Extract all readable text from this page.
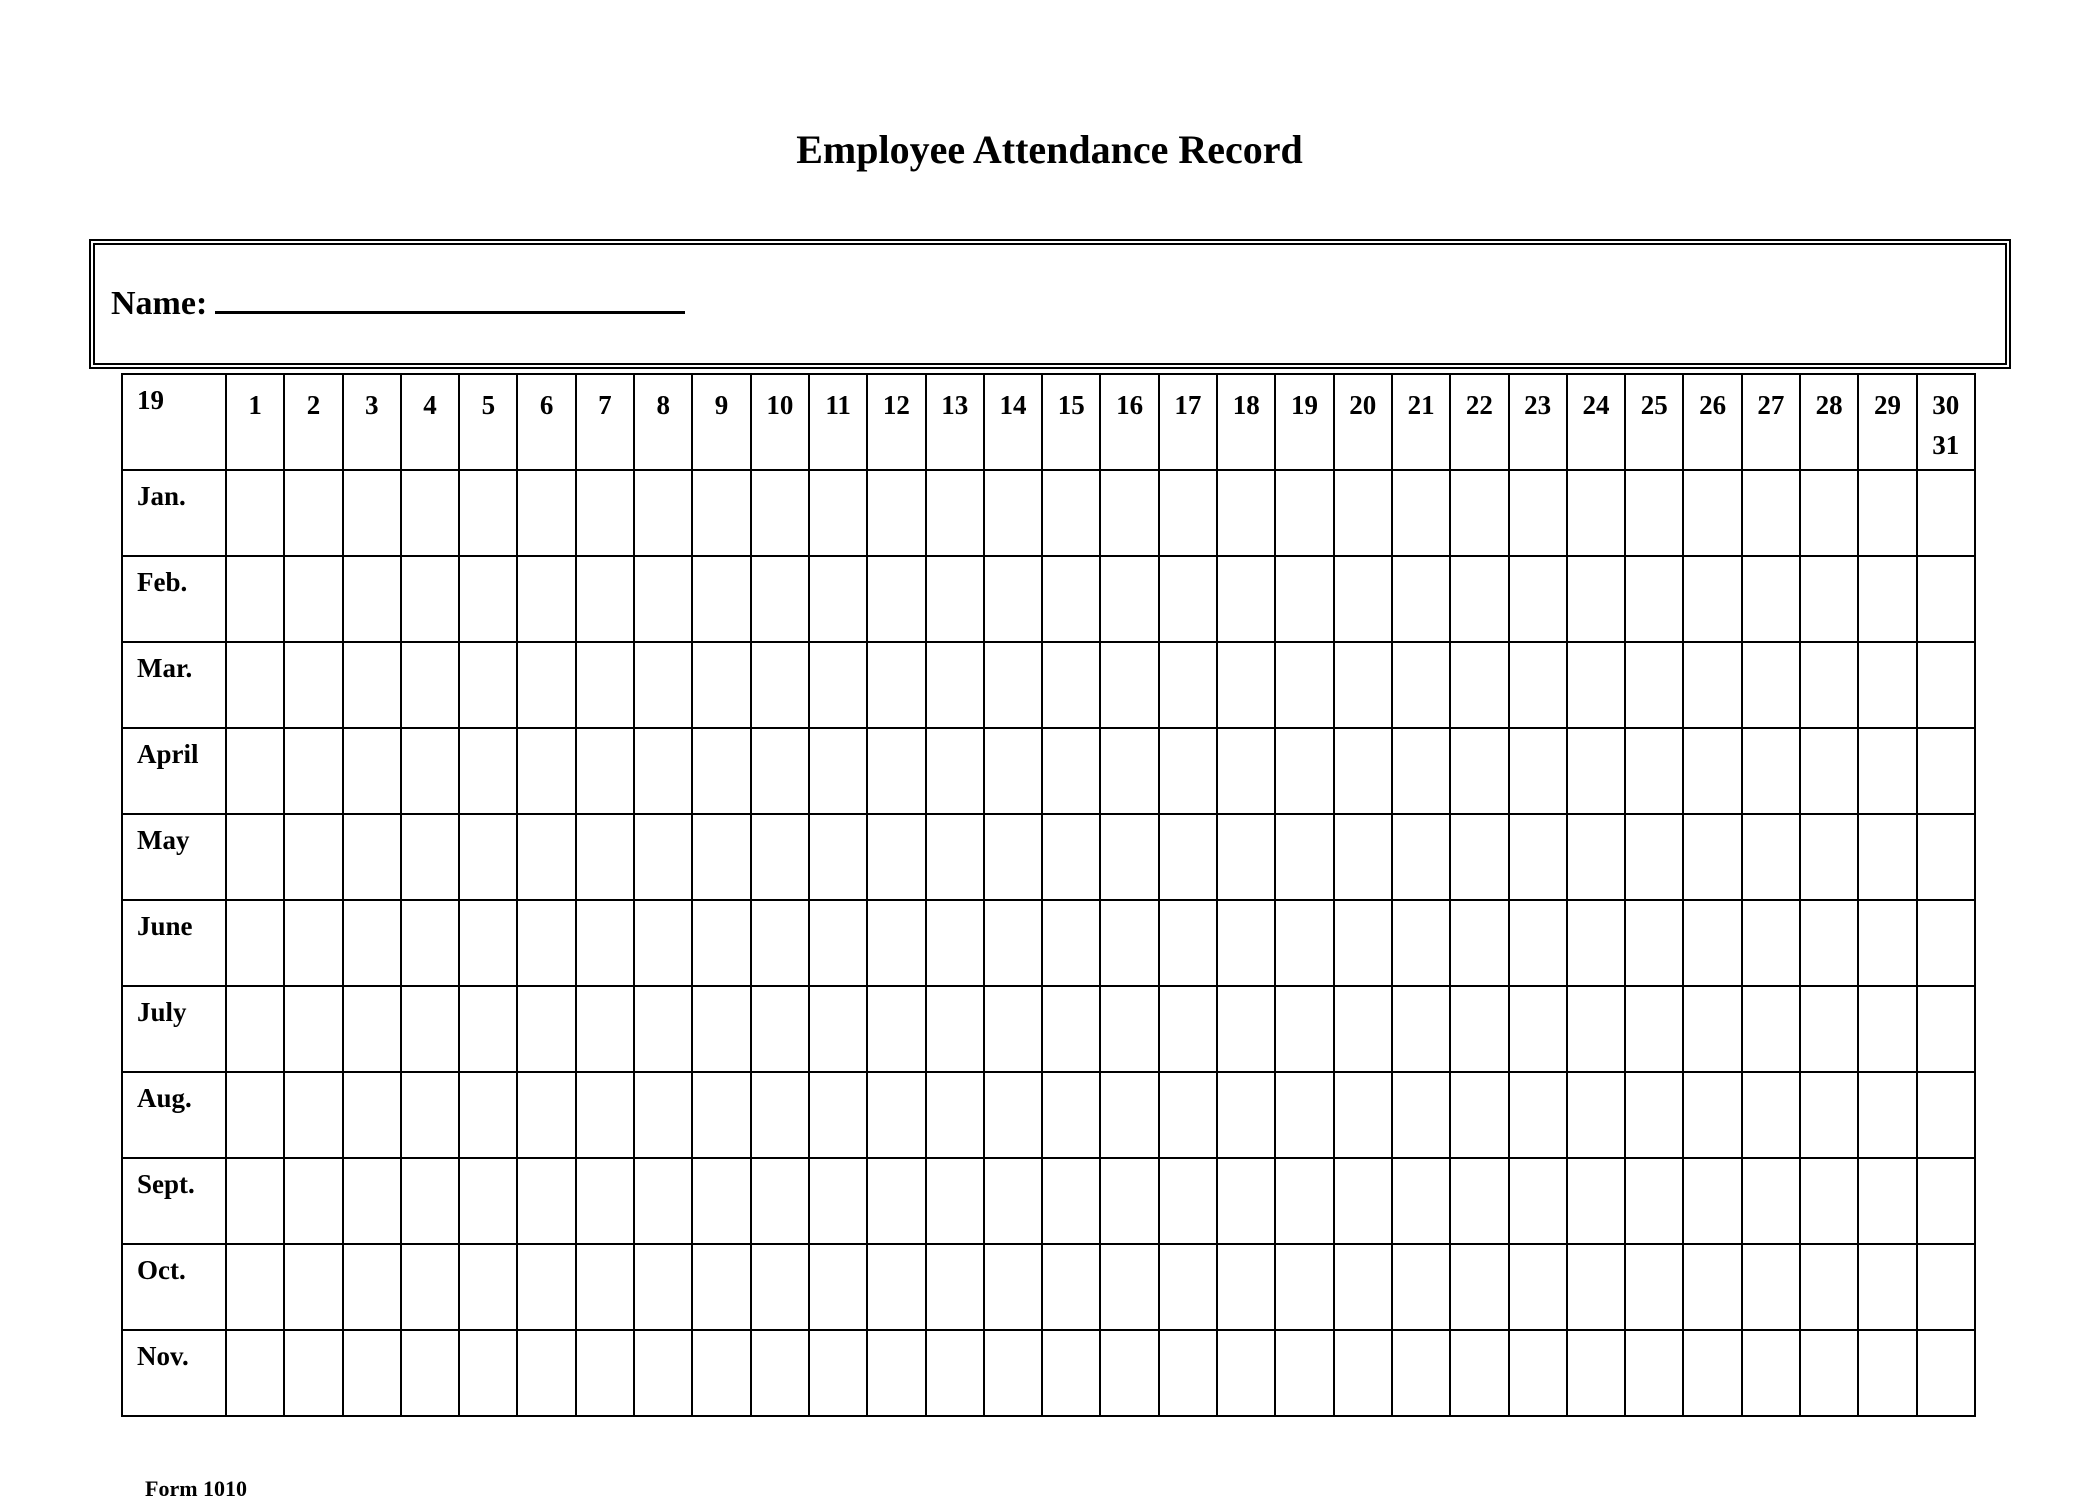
Employee Attendance Record
Name:
19	1	2	3	4	5	6	7	8	9	10	11	12	13	14	15	16	17	18	19	20	21	22	23	24	25	26	27	28	29	30
31
Jan.																														
Feb.																														
Mar.																														
April																														
May																														
June																														
July																														
Aug.																														
Sept.																														
Oct.																														
Nov.																														
Form 1010
